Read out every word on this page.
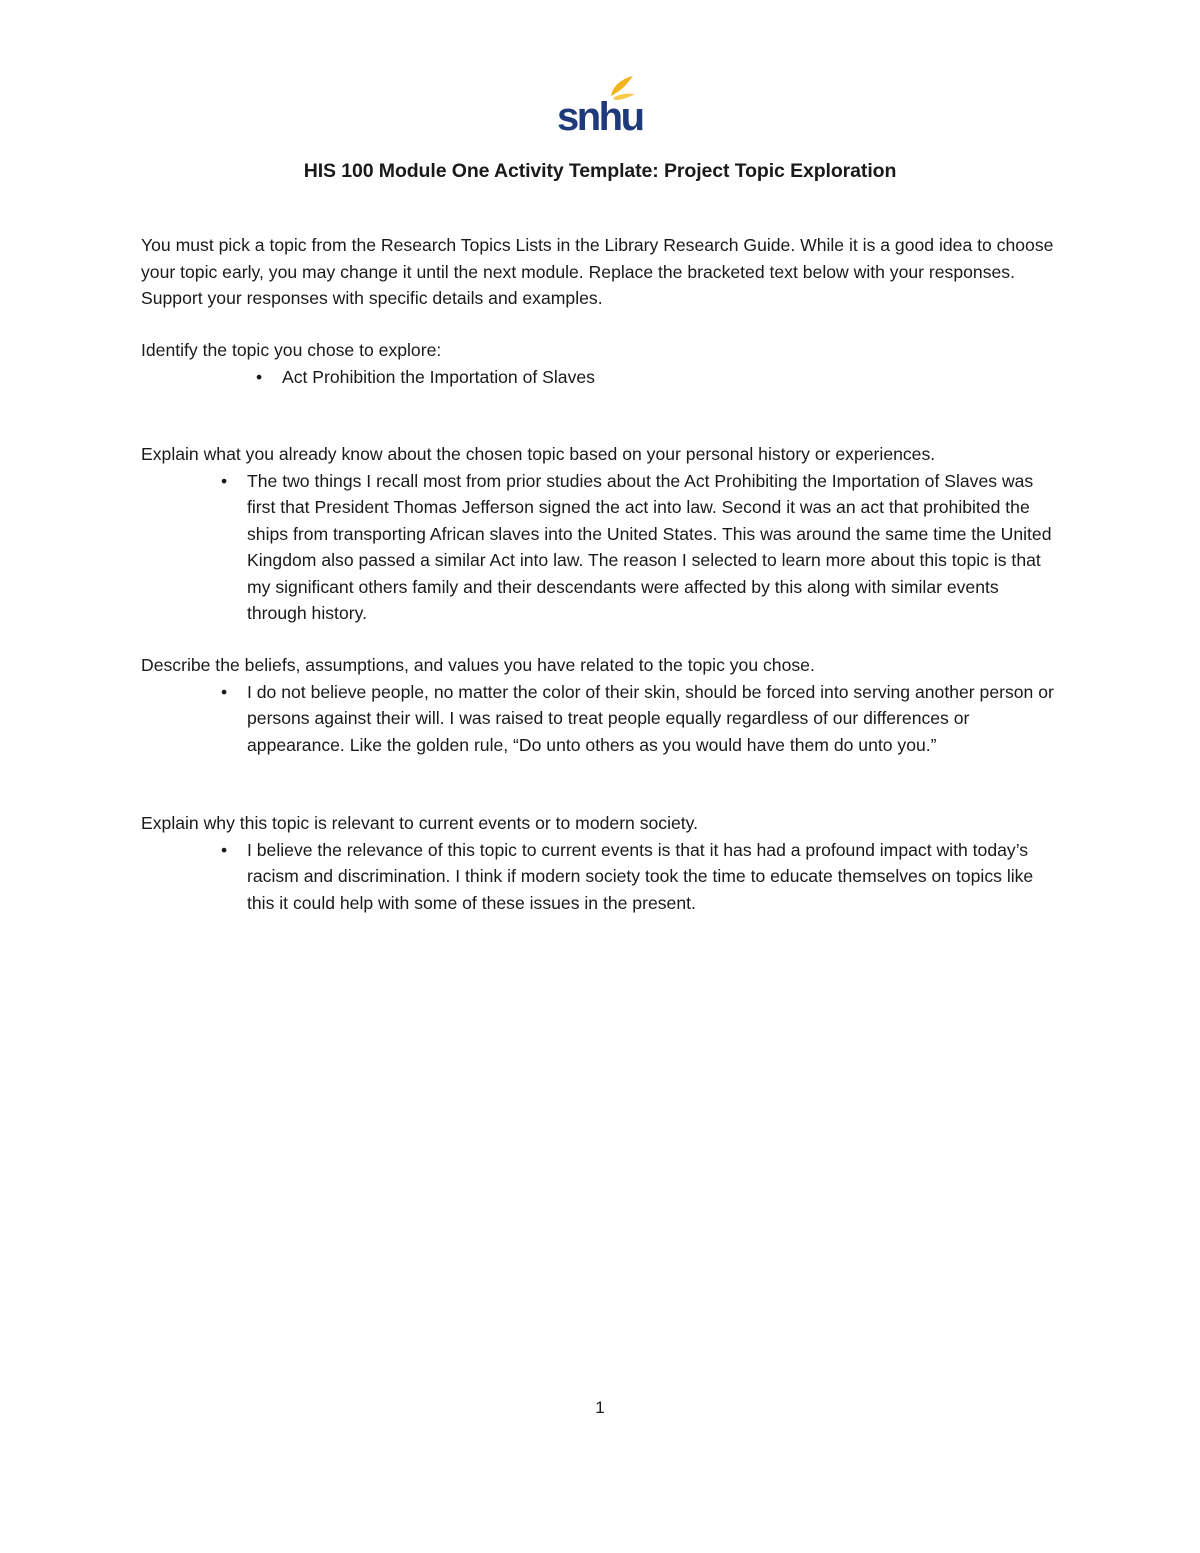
snhu
HIS 100 Module One Activity Template: Project Topic Exploration
You must pick a topic from the Research Topics Lists in the Library Research Guide. While it is a good idea to choose your topic early, you may change it until the next module. Replace the bracketed text below with your responses. Support your responses with specific details and examples.
Identify the topic you chose to explore:
• Act Prohibition the Importation of Slaves
Explain what you already know about the chosen topic based on your personal history or experiences.
• The two things I recall most from prior studies about the Act Prohibiting the Importation of Slaves was first that President Thomas Jefferson signed the act into law. Second it was an act that prohibited the ships from transporting African slaves into the United States. This was around the same time the United Kingdom also passed a similar Act into law. The reason I selected to learn more about this topic is that my significant others family and their descendants were affected by this along with similar events through history.
Describe the beliefs, assumptions, and values you have related to the topic you chose.
• I do not believe people, no matter the color of their skin, should be forced into serving another person or persons against their will. I was raised to treat people equally regardless of our differences or appearance. Like the golden rule, “Do unto others as you would have them do unto you.”
Explain why this topic is relevant to current events or to modern society.
• I believe the relevance of this topic to current events is that it has had a profound impact with today’s racism and discrimination. I think if modern society took the time to educate themselves on topics like this it could help with some of these issues in the present.
1
